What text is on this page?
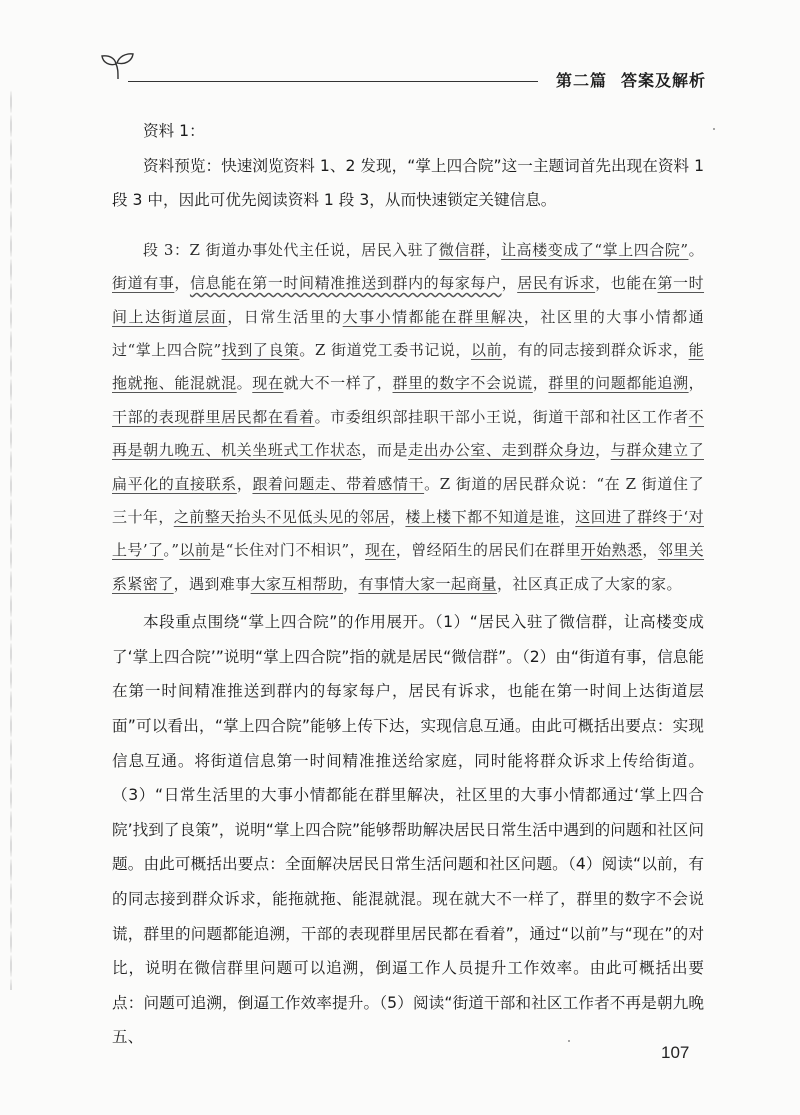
第二篇 答案及解析

资料 1：

资料预览：快速浏览资料 1、2 发现，“掌上四合院”这一主题词首先出现在资料 1 段 3 中，因此可优先阅读资料 1 段 3，从而快速锁定关键信息。

段 3：Z 街道办事处代主任说，居民入驻了微信群，让高楼变成了“掌上四合院”。街道有事，信息能在第一时间精准推送到群内的每家每户，居民有诉求，也能在第一时间上达街道层面，日常生活里的大事小情都能在群里解决，社区里的大事小情都通过“掌上四合院”找到了良策。Z 街道党工委书记说，以前，有的同志接到群众诉求，能拖就拖、能混就混。现在就大不一样了，群里的数字不会说谎，群里的问题都能追溯，干部的表现群里居民都在看着。市委组织部挂职干部小王说，街道干部和社区工作者不再是朝九晚五、机关坐班式工作状态，而是走出办公室、走到群众身边，与群众建立了扁平化的直接联系，跟着问题走、带着感情干。Z 街道的居民群众说：“在 Z 街道住了三十年，之前整天抬头不见低头见的邻居，楼上楼下都不知道是谁，这回进了群终于‘对上号’了。”以前是“长住对门不相识”，现在，曾经陌生的居民们在群里开始熟悉，邻里关系紧密了，遇到难事大家互相帮助，有事情大家一起商量，社区真正成了大家的家。

本段重点围绕“掌上四合院”的作用展开。（1）“居民入驻了微信群，让高楼变成了‘掌上四合院’”说明“掌上四合院”指的就是居民“微信群”。（2）由“街道有事，信息能在第一时间精准推送到群内的每家每户，居民有诉求，也能在第一时间上达街道层面”可以看出，“掌上四合院”能够上传下达，实现信息互通。由此可概括出要点：实现信息互通。将街道信息第一时间精准推送给家庭，同时能将群众诉求上传给街道。（3）“日常生活里的大事小情都能在群里解决，社区里的大事小情都通过‘掌上四合院’找到了良策”，说明“掌上四合院”能够帮助解决居民日常生活中遇到的问题和社区问题。由此可概括出要点：全面解决居民日常生活问题和社区问题。（4）阅读“以前，有的同志接到群众诉求，能拖就拖、能混就混。现在就大不一样了，群里的数字不会说谎，群里的问题都能追溯，干部的表现群里居民都在看着”，通过“以前”与“现在”的对比，说明在微信群里问题可以追溯，倒逼工作人员提升工作效率。由此可概括出要点：问题可追溯，倒逼工作效率提升。（5）阅读“街道干部和社区工作者不再是朝九晚五、

107
